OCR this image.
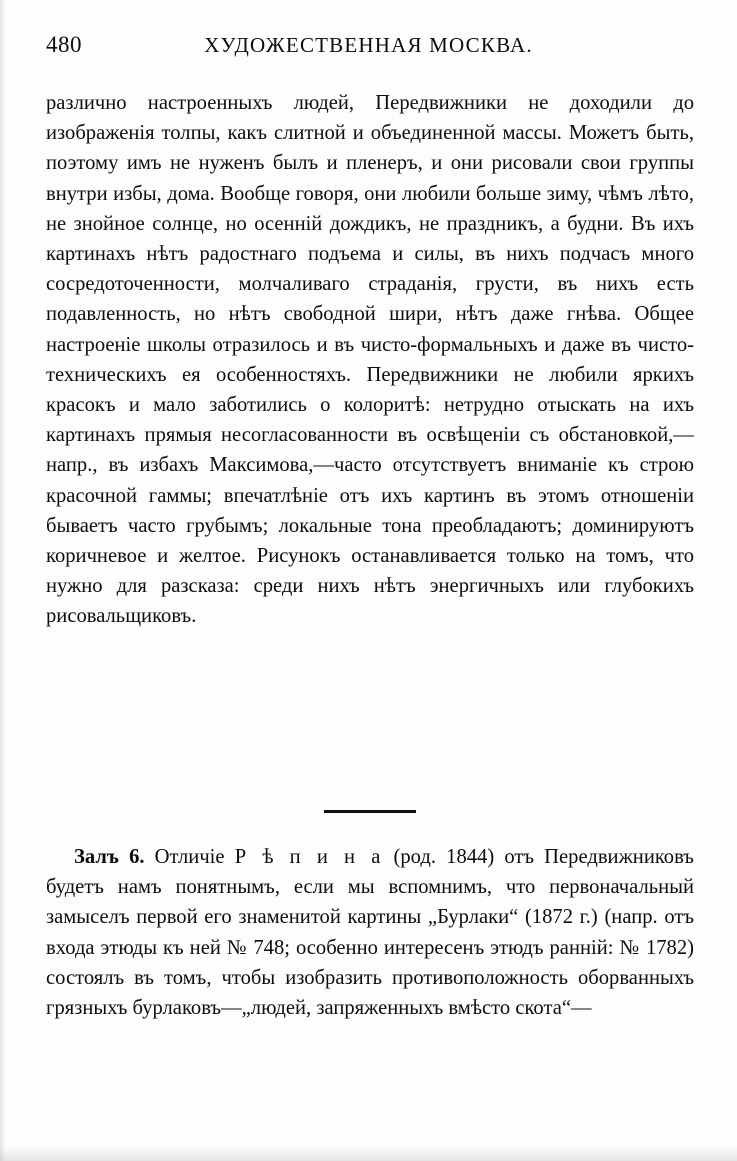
480	ХУДОЖЕСТВЕННАЯ МОСКВА.

различно настроенныхъ людей, Передвижники не доходили до изображенія толпы, какъ слитной и объединенной массы. Можетъ быть, поэтому имъ не нуженъ былъ и пленеръ, и они рисовали свои группы внутри избы, дома. Вообще говоря, они любили больше зиму, чѣмъ лѣто, не знойное солнце, но осенній дождикъ, не праздникъ, а будни. Въ ихъ картинахъ нѣтъ радостнаго подъема и силы, въ нихъ подчасъ много сосредоточенности, молчаливаго страданія, грусти, въ нихъ есть подавленность, но нѣтъ свободной шири, нѣтъ даже гнѣва. Общее настроеніе школы отразилось и въ чисто-формальныхъ и даже въ чисто-техническихъ ея особенностяхъ. Передвижники не любили яркихъ красокъ и мало заботились о колоритѣ: нетрудно отыскать на ихъ картинахъ прямыя несогласованности въ освѣщеніи съ обстановкой,—напр., въ избахъ Максимова,—часто отсутствуетъ вниманіе къ строю красочной гаммы; впечатлѣніе отъ ихъ картинъ въ этомъ отношеніи бываетъ часто грубымъ; локальные тона преобладаютъ; доминируютъ коричневое и желтое. Рисунокъ останавливается только на томъ, что нужно для разсказа: среди нихъ нѣтъ энергичныхъ или глубокихъ рисовальщиковъ.

Залъ 6. Отличіе Р ѣ п и н а (род. 1844) отъ Передвижниковъ будетъ намъ понятнымъ, если мы вспомнимъ, что первоначальный замыселъ первой его знаменитой картины „Бурлаки“ (1872 г.) (напр. отъ входа этюды къ ней № 748; особенно интересенъ этюдъ ранній: № 1782) состоялъ въ томъ, чтобы изобразить противоположность оборванныхъ грязныхъ бурлаковъ—„людей, запряженныхъ вмѣсто скота“—
